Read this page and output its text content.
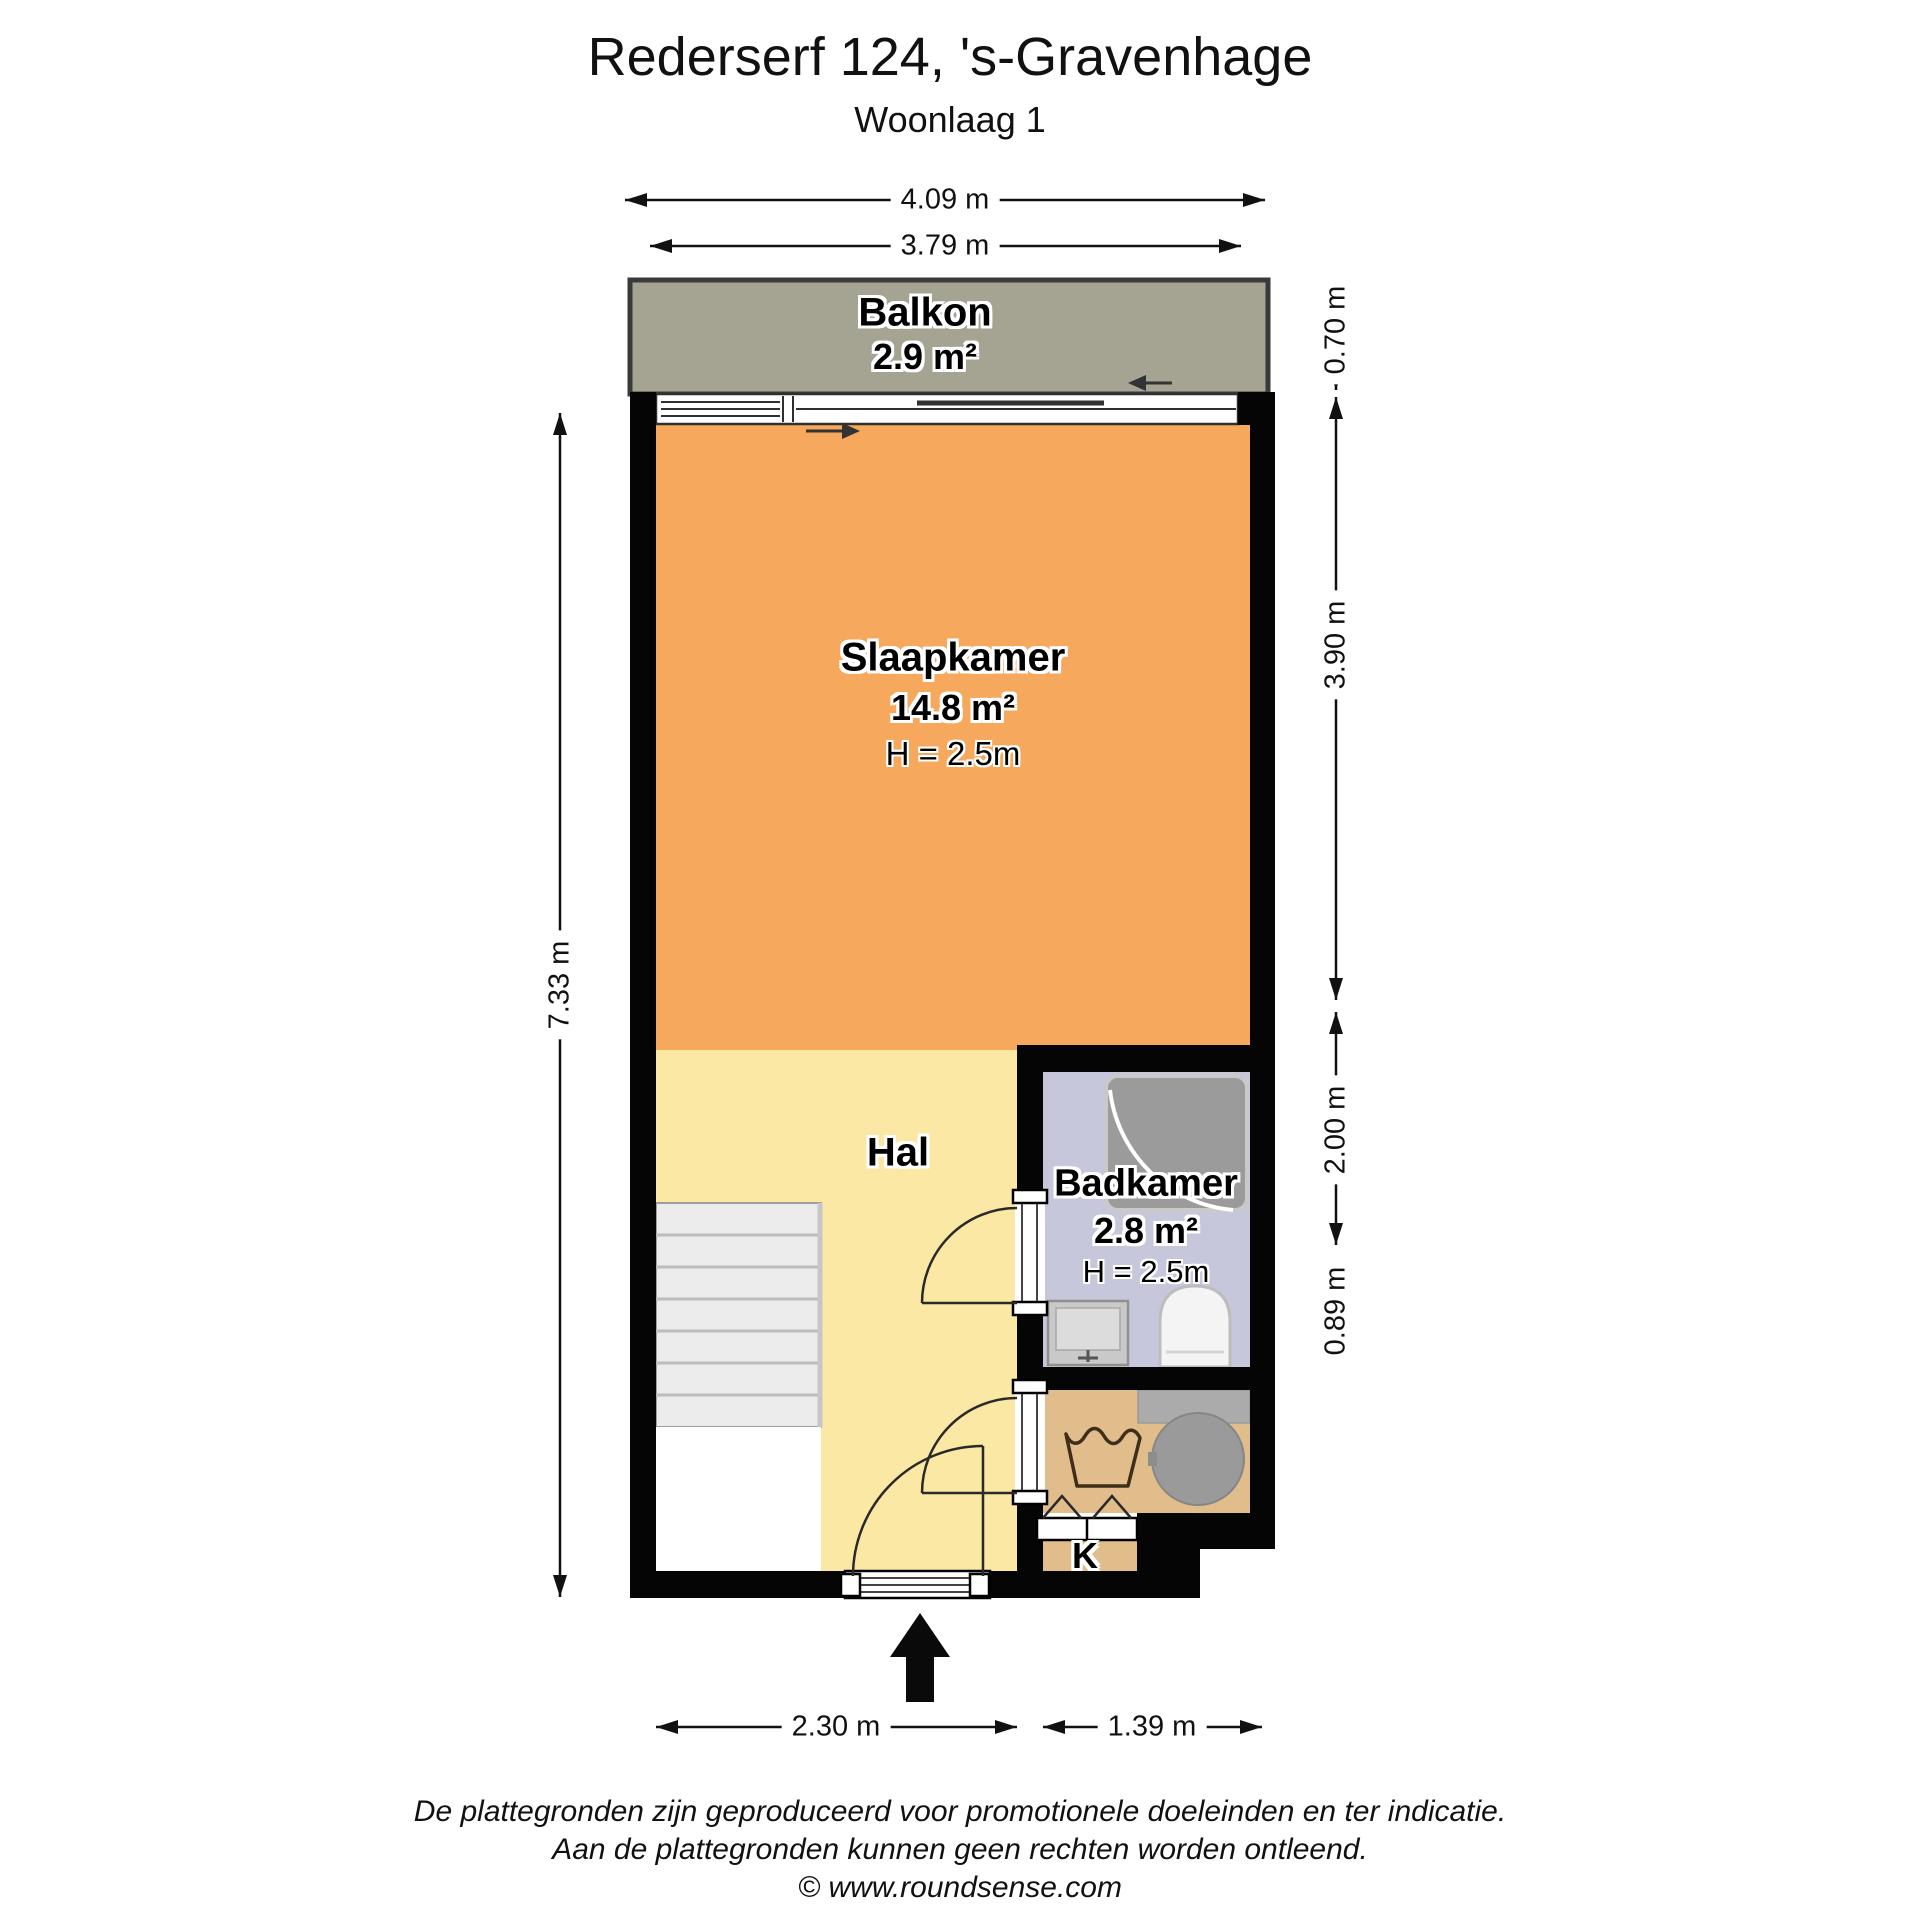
Rederserf 124, 's-Gravenhage
Woonlaag 1
Balkon
2.9 m²
Slaapkamer
14.8 m²
H = 2.5m
Hal
Badkamer
2.8 m²
H = 2.5m
K
4.09 m
3.79 m
7.33 m
0.70 m
3.90 m
2.00 m
0.89 m
2.30 m	1.39 m
De plattegronden zijn geproduceerd voor promotionele doeleinden en ter indicatie.
Aan de plattegronden kunnen geen rechten worden ontleend.
© www.roundsense.com
